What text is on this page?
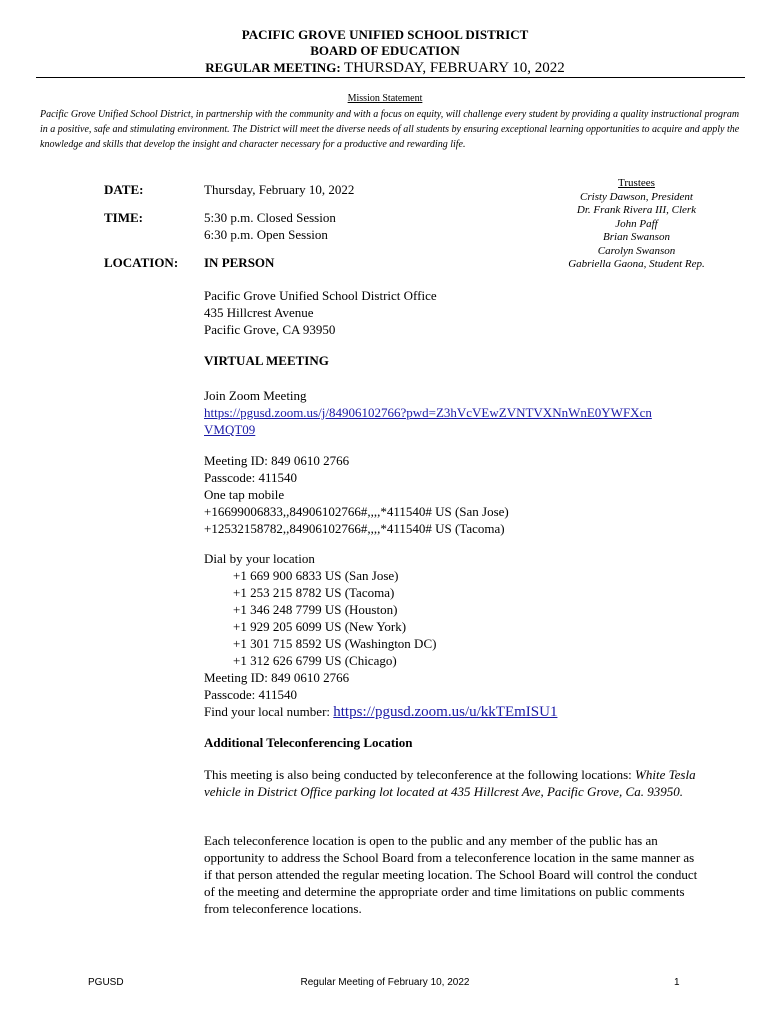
PACIFIC GROVE UNIFIED SCHOOL DISTRICT
BOARD OF EDUCATION
REGULAR MEETING: THURSDAY, FEBRUARY 10, 2022
Mission Statement
Pacific Grove Unified School District, in partnership with the community and with a focus on equity, will challenge every student by providing a quality instructional program in a positive, safe and stimulating environment. The District will meet the diverse needs of all students by ensuring exceptional learning opportunities to acquire and apply the knowledge and skills that develop the insight and character necessary for a productive and rewarding life.
Trustees
Cristy Dawson, President
Dr. Frank Rivera III, Clerk
John Paff
Brian Swanson
Carolyn Swanson
Gabriella Gaona, Student Rep.
DATE:	Thursday, February 10, 2022
TIME:	5:30 p.m. Closed Session
6:30 p.m. Open Session
LOCATION: IN PERSON
Pacific Grove Unified School District Office
435 Hillcrest Avenue
Pacific Grove, CA 93950
VIRTUAL MEETING
Join Zoom Meeting
https://pgusd.zoom.us/j/84906102766?pwd=Z3hVcVEwZVNTVXNnWnE0YWFXcn
VMQT09
Meeting ID: 849 0610 2766
Passcode: 411540
One tap mobile
+16699006833,,84906102766#,,,,*411540# US (San Jose)
+12532158782,,84906102766#,,,,*411540# US (Tacoma)
Dial by your location
+1 669 900 6833 US (San Jose)
+1 253 215 8782 US (Tacoma)
+1 346 248 7799 US (Houston)
+1 929 205 6099 US (New York)
+1 301 715 8592 US (Washington DC)
+1 312 626 6799 US (Chicago)
Meeting ID: 849 0610 2766
Passcode: 411540
Find your local number: https://pgusd.zoom.us/u/kkTEmISU1
Additional Teleconferencing Location
This meeting is also being conducted by teleconference at the following locations: White Tesla vehicle in District Office parking lot located at 435 Hillcrest Ave, Pacific Grove, Ca. 93950.
Each teleconference location is open to the public and any member of the public has an opportunity to address the School Board from a teleconference location in the same manner as if that person attended the regular meeting location. The School Board will control the conduct of the meeting and determine the appropriate order and time limitations on public comments from teleconference locations.
PGUSD	Regular Meeting of February 10, 2022	1
